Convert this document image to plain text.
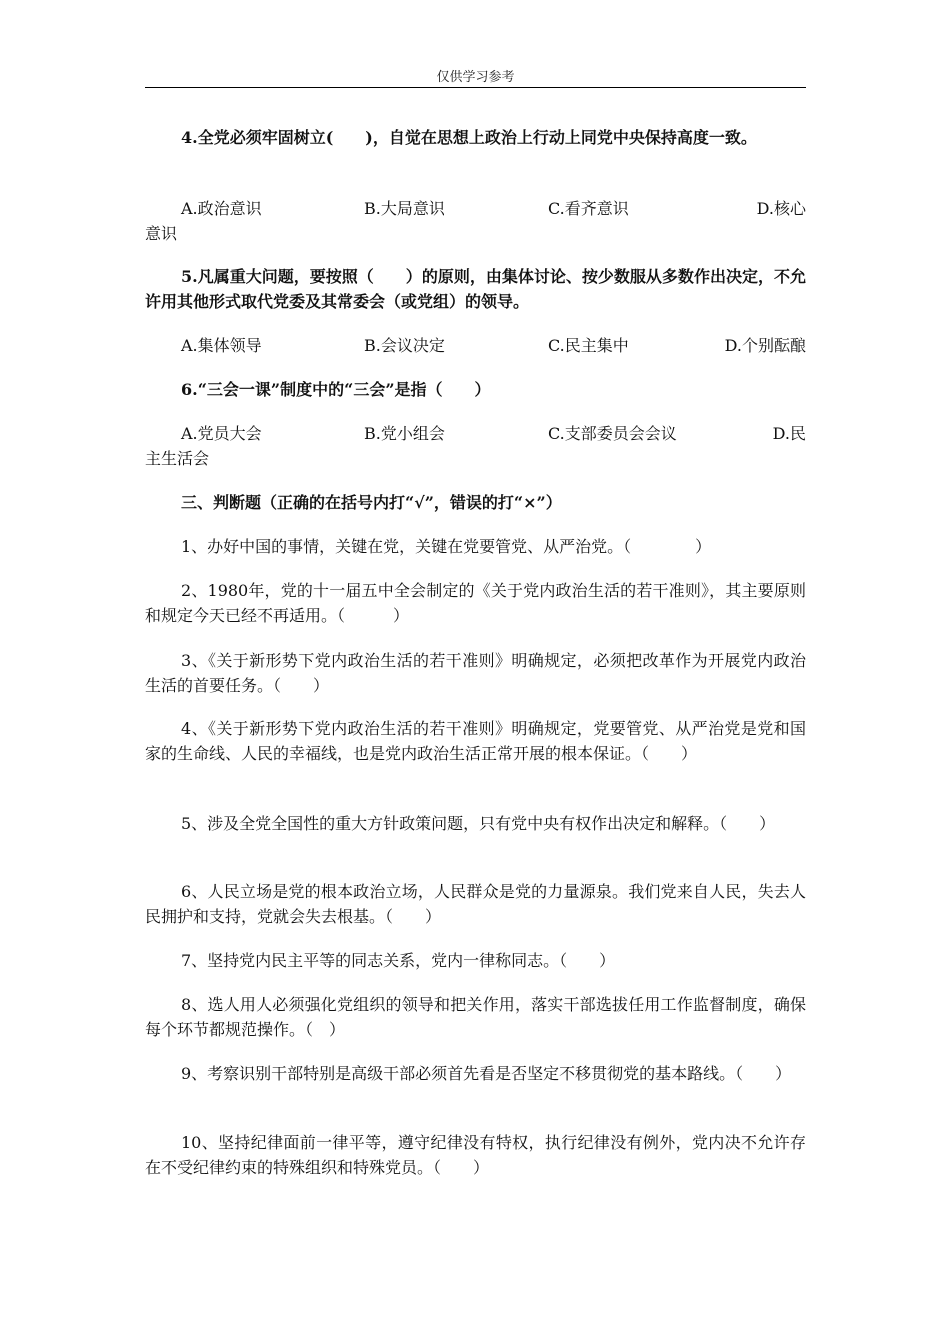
仅供学习参考

4.全党必须牢固树立(　　)，自觉在思想上政治上行动上同党中央保持高度一致。

A.政治意识	B.大局意识	C.看齐意识	D.核心
意识

5.凡属重大问题，要按照（　　）的原则，由集体讨论、按少数服从多数作出决定，不允许用其他形式取代党委及其常委会（或党组）的领导。

A.集体领导	B.会议决定	C.民主集中	D.个别酝酿

6.“三会一课”制度中的“三会”是指（　　）

A.党员大会	B.党小组会	C.支部委员会会议	D.民
主生活会

三、判断题（正确的在括号内打“√”，错误的打“×”）

1、办好中国的事情，关键在党，关键在党要管党、从严治党。（　　　　）

2、1980年，党的十一届五中全会制定的《关于党内政治生活的若干准则》，其主要原则和规定今天已经不再适用。（　　　）

3、《关于新形势下党内政治生活的若干准则》明确规定，必须把改革作为开展党内政治生活的首要任务。（　　）

4、《关于新形势下党内政治生活的若干准则》明确规定，党要管党、从严治党是党和国家的生命线、人民的幸福线，也是党内政治生活正常开展的根本保证。（　　）

5、涉及全党全国性的重大方针政策问题，只有党中央有权作出决定和解释。（　　）

6、人民立场是党的根本政治立场，人民群众是党的力量源泉。我们党来自人民，失去人民拥护和支持，党就会失去根基。（　　）

7、坚持党内民主平等的同志关系，党内一律称同志。（　　）

8、选人用人必须强化党组织的领导和把关作用，落实干部选拔任用工作监督制度，确保每个环节都规范操作。（　）

9、考察识别干部特别是高级干部必须首先看是否坚定不移贯彻党的基本路线。（　　）

10、坚持纪律面前一律平等，遵守纪律没有特权，执行纪律没有例外，党内决不允许存在不受纪律约束的特殊组织和特殊党员。（　　）
